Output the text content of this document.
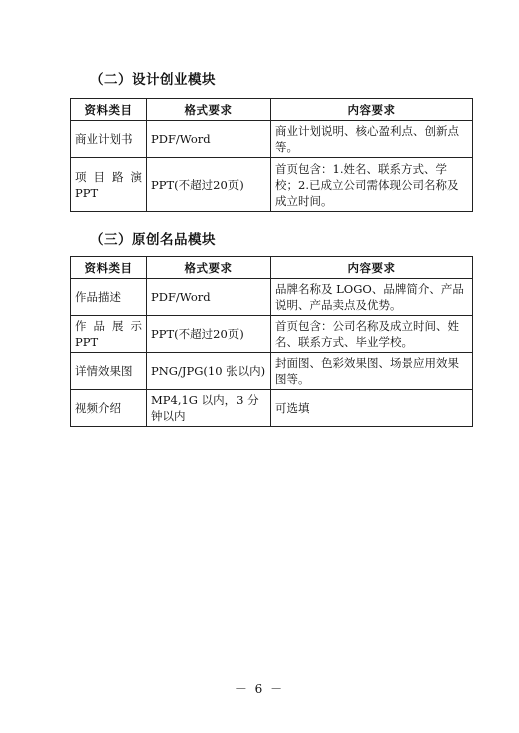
（二）设计创业模块
资料类目	格式要求	内容要求
商业计划书	PDF/Word	商业计划说明、核心盈利点、创新点等。
项目路演PPT	PPT(不超过20页)	首页包含：1.姓名、联系方式、学校；2.已成立公司需体现公司名称及成立时间。
（三）原创名品模块
资料类目	格式要求	内容要求
作品描述	PDF/Word	品牌名称及 LOGO、品牌简介、产品说明、产品卖点及优势。
作品展示PPT	PPT(不超过20页)	首页包含：公司名称及成立时间、姓名、联系方式、毕业学校。
详情效果图	PNG/JPG(10 张以内)	封面图、色彩效果图、场景应用效果图等。
视频介绍	MP4,1G 以内，3 分钟以内	可选填
－ 6 －
